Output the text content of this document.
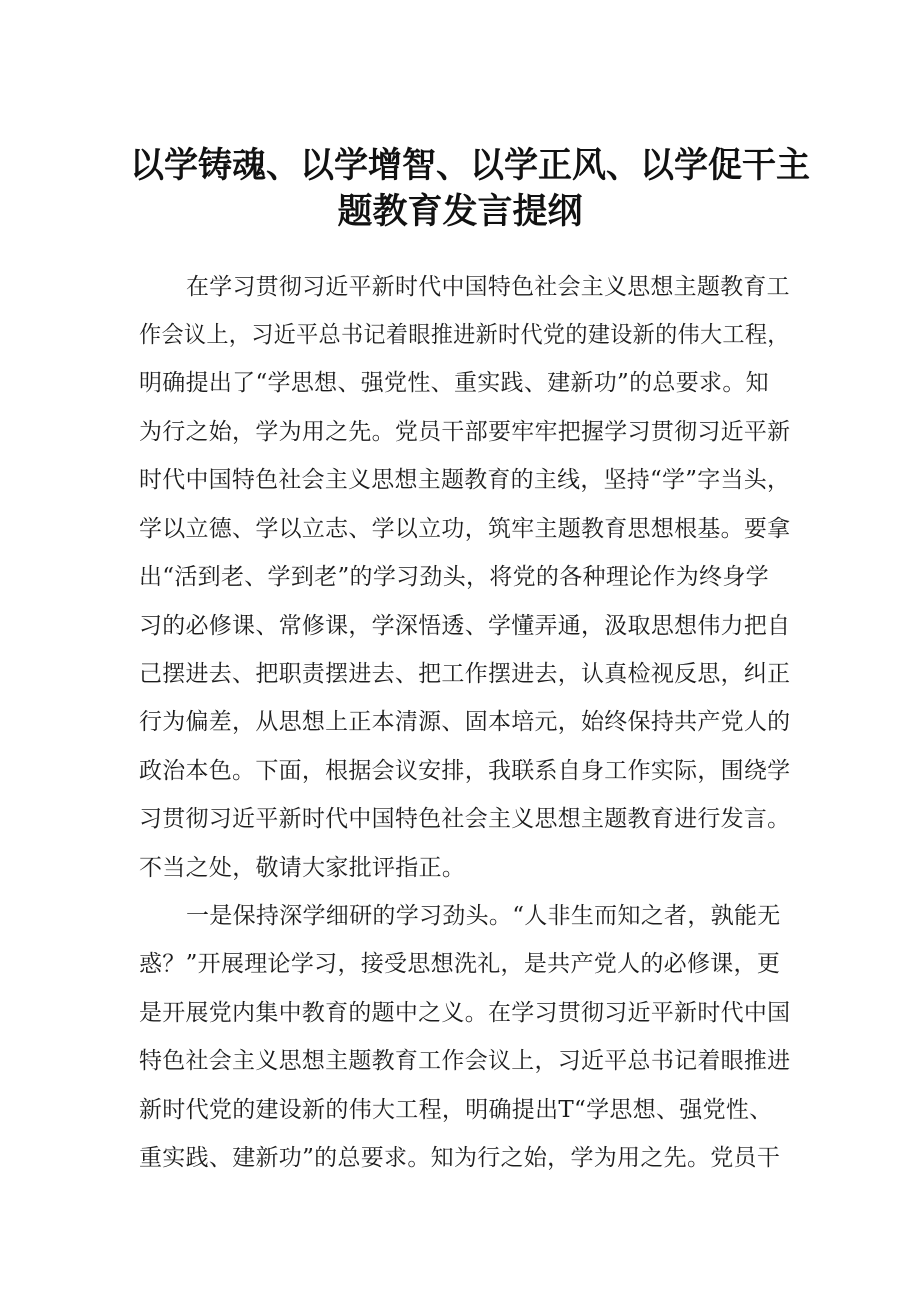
以学铸魂、以学增智、以学正风、以学促干主
题教育发言提纲
在学习贯彻习近平新时代中国特色社会主义思想主题教育工
作会议上，习近平总书记着眼推进新时代党的建设新的伟大工程，
明确提出了“学思想、强党性、重实践、建新功”的总要求。知
为行之始，学为用之先。党员干部要牢牢把握学习贯彻习近平新
时代中国特色社会主义思想主题教育的主线，坚持“学”字当头，
学以立德、学以立志、学以立功，筑牢主题教育思想根基。要拿
出“活到老、学到老”的学习劲头，将党的各种理论作为终身学
习的必修课、常修课，学深悟透、学懂弄通，汲取思想伟力把自
己摆进去、把职责摆进去、把工作摆进去，认真检视反思，纠正
行为偏差，从思想上正本清源、固本培元，始终保持共产党人的
政治本色。下面，根据会议安排，我联系自身工作实际，围绕学
习贯彻习近平新时代中国特色社会主义思想主题教育进行发言。
不当之处，敬请大家批评指正。
一是保持深学细研的学习劲头。“人非生而知之者，孰能无
惑？”开展理论学习，接受思想洗礼，是共产党人的必修课，更
是开展党内集中教育的题中之义。在学习贯彻习近平新时代中国
特色社会主义思想主题教育工作会议上，习近平总书记着眼推进
新时代党的建设新的伟大工程，明确提出T“学思想、强党性、
重实践、建新功”的总要求。知为行之始，学为用之先。党员干
